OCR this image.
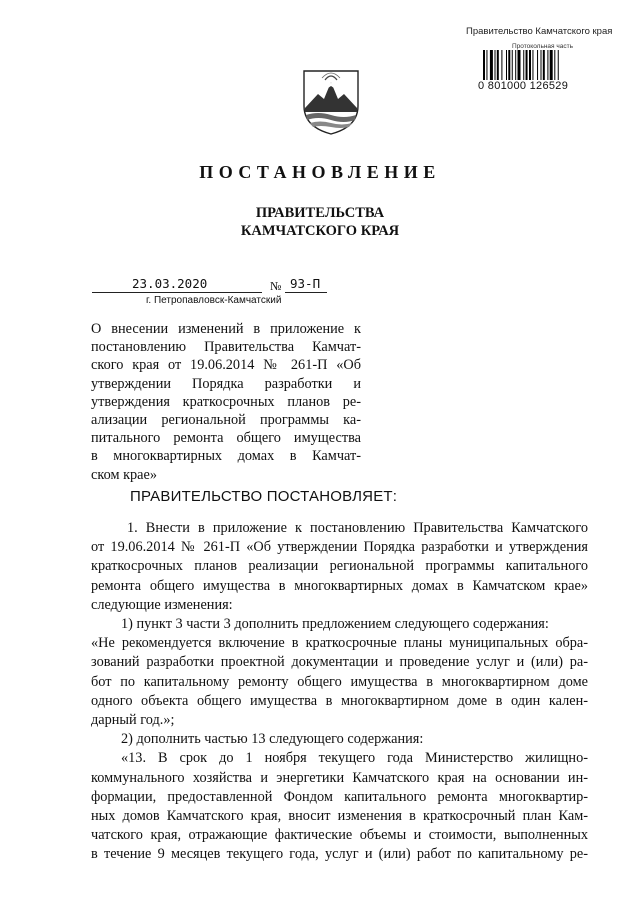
Правительство Камчатского края
Протокольная часть
0 801000 126529
ПОСТАНОВЛЕНИЕ
ПРАВИТЕЛЬСТВА
КАМЧАТСКОГО КРАЯ
23.03.2020	№ 93-П
г. Петропавловск-Камчатский
О внесении изменений в приложение к
постановлению Правительства Камчат-
ского края от 19.06.2014 № 261-П «Об
утверждении Порядка разработки и
утверждения краткосрочных планов ре-
ализации региональной программы ка-
питального ремонта общего имущества
в многоквартирных домах в Камчат-
ском крае»
ПРАВИТЕЛЬСТВО ПОСТАНОВЛЯЕТ:
1. Внести в приложение к постановлению Правительства Камчатского
от 19.06.2014 № 261-П «Об утверждении Порядка разработки и утверждения
краткосрочных планов реализации региональной программы капитального
ремонта общего имущества в многоквартирных домах в Камчатском крае»
следующие изменения:
1) пункт 3 части 3 дополнить предложением следующего содержания:
«Не рекомендуется включение в краткосрочные планы муниципальных обра-
зований разработки проектной документации и проведение услуг и (или) ра-
бот по капитальному ремонту общего имущества в многоквартирном доме
одного объекта общего имущества в многоквартирном доме в один кален-
дарный год.»;
2) дополнить частью 13 следующего содержания:
«13. В срок до 1 ноября текущего года Министерство жилищно-
коммунального хозяйства и энергетики Камчатского края на основании ин-
формации, предоставленной Фондом капитального ремонта многоквартир-
ных домов Камчатского края, вносит изменения в краткосрочный план Кам-
чатского края, отражающие фактические объемы и стоимости, выполненных
в течение 9 месяцев текущего года, услуг и (или) работ по капитальному ре-
